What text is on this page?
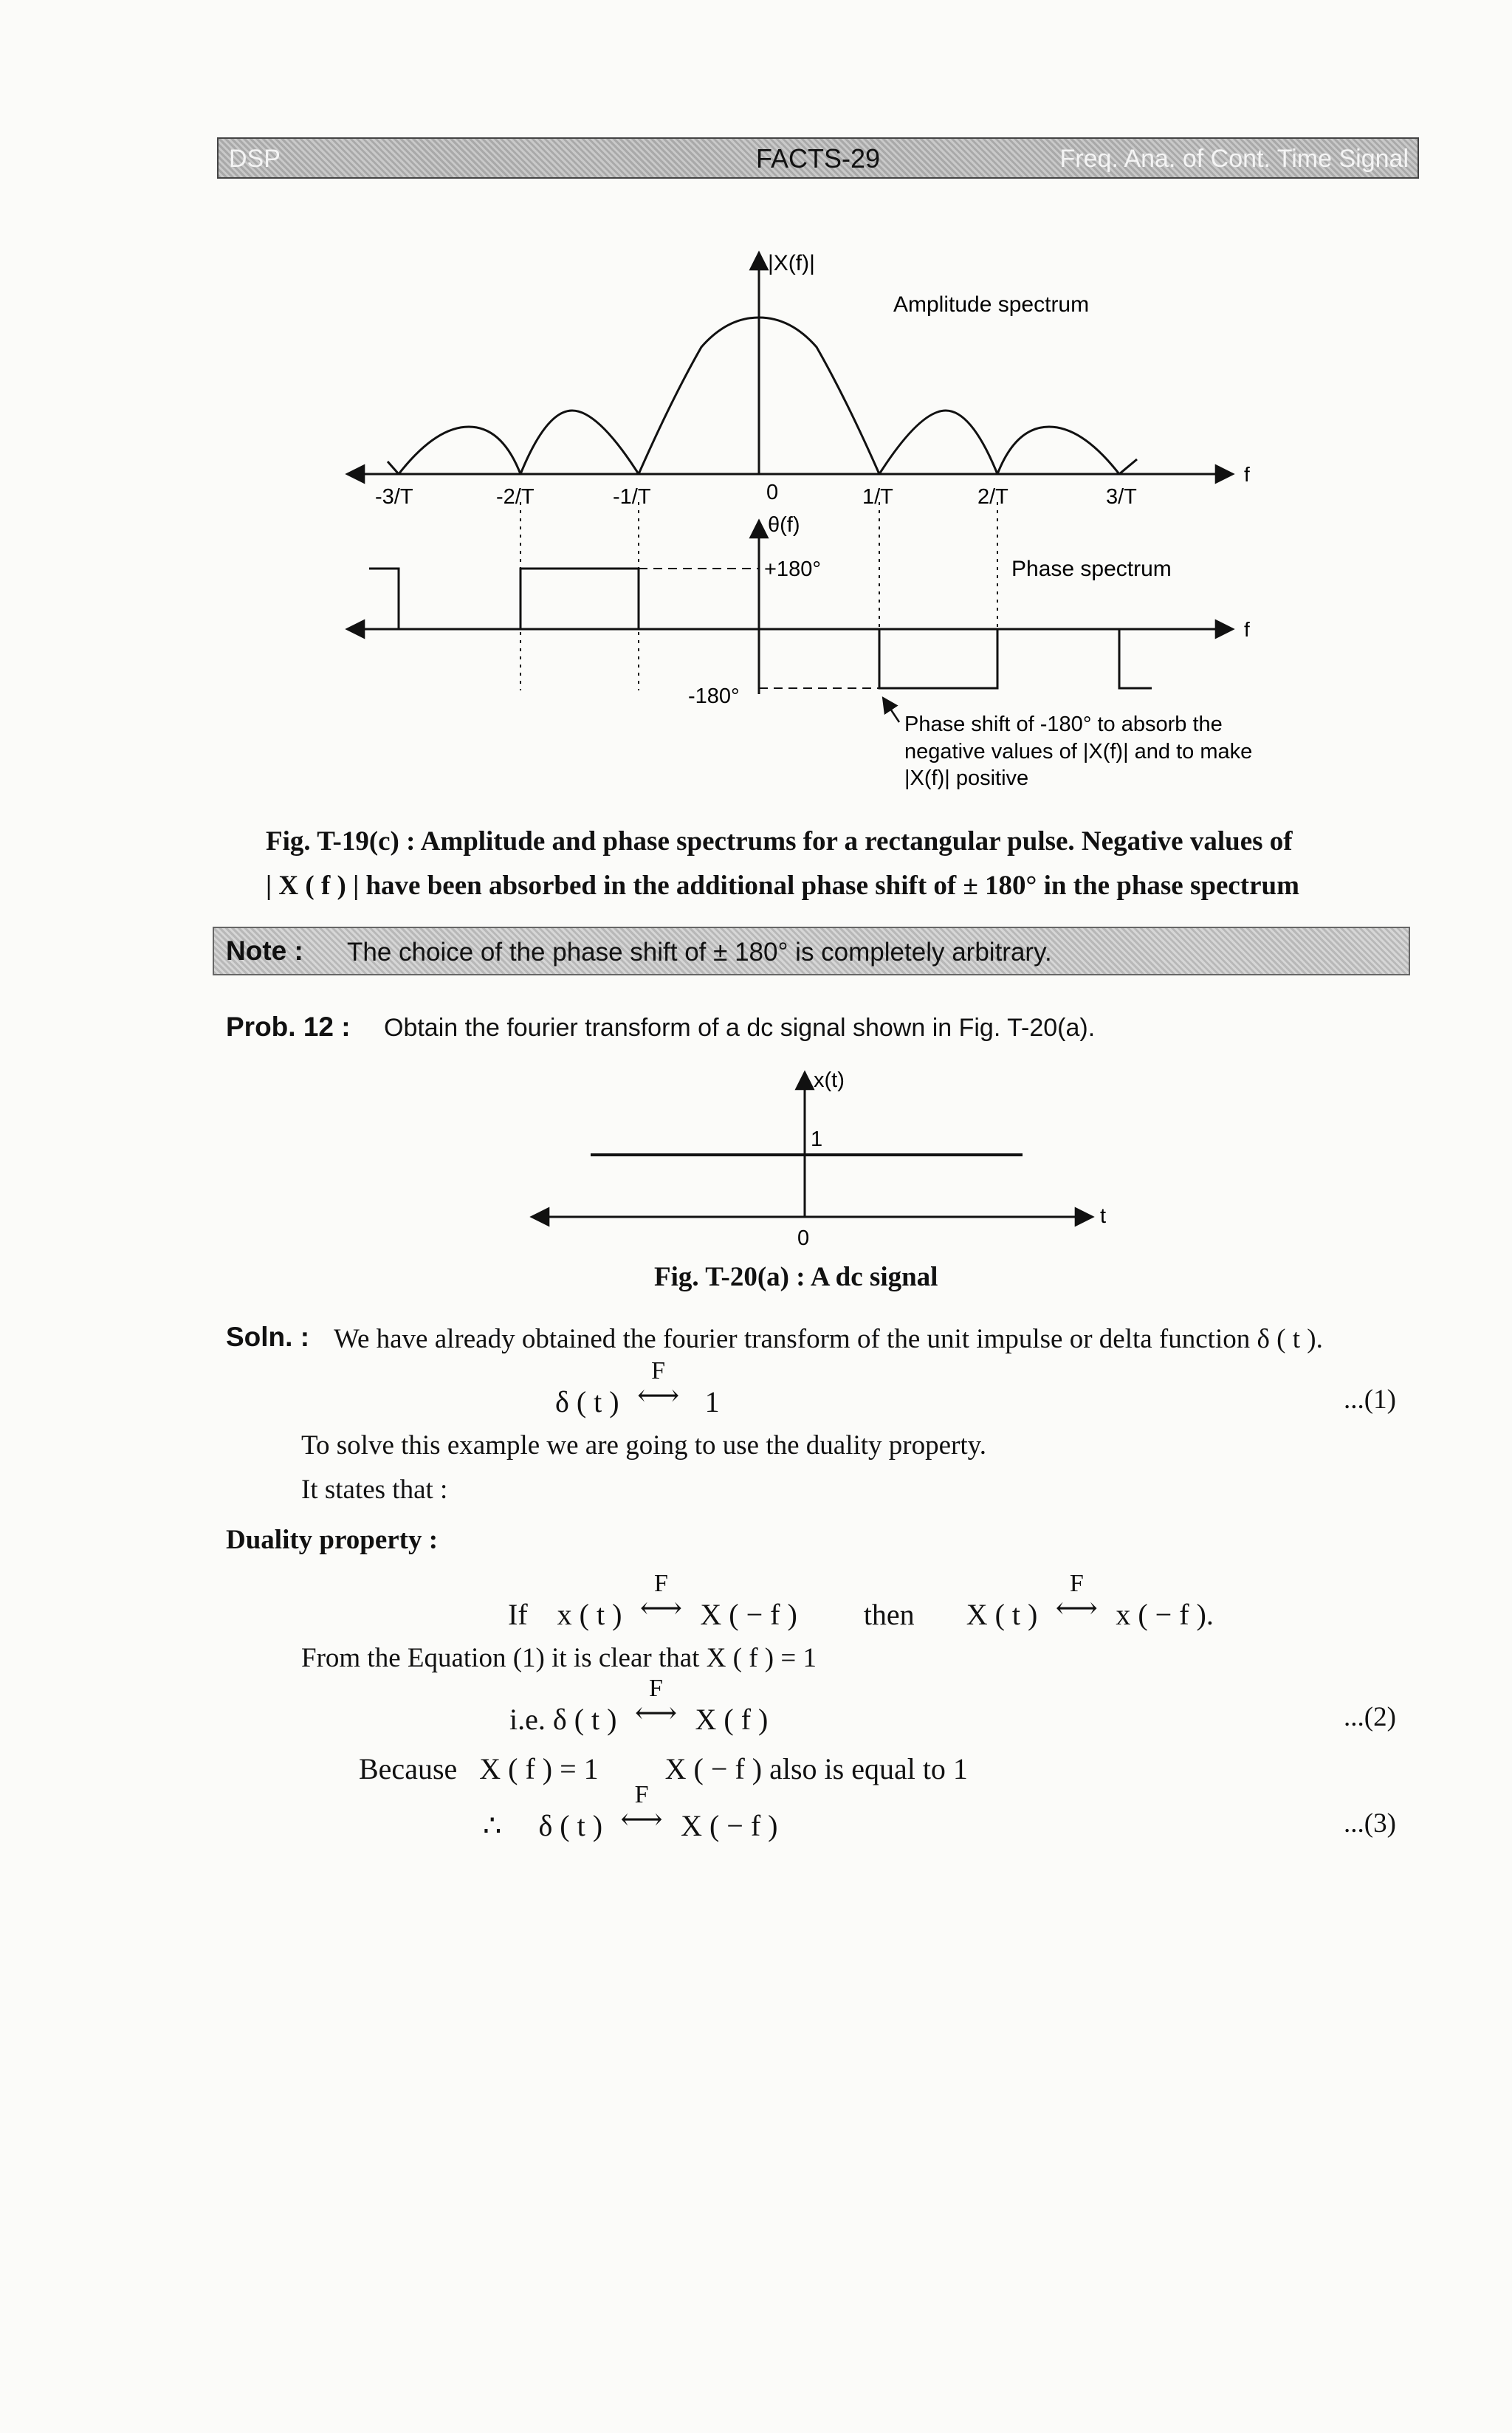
DSP	FACTS-29	Freq. Ana. of Cont. Time Signal
|X(f)|
Amplitude spectrum
f
-3/T	-2/T	-1/T	0	1/T	2/T	3/T
θ(f)
f
+180°
-180°
Phase spectrum
Phase shift of -180° to absorb the
negative values of |X(f)| and to make
|X(f)| positive
Fig. T-19(c) : Amplitude and phase spectrums for a rectangular pulse. Negative values of
| X ( f ) | have been absorbed in the additional phase shift of ± 180° in the phase spectrum
Note : The choice of the phase shift of ± 180° is completely arbitrary.
Prob. 12 : Obtain the fourier transform of a dc signal shown in Fig. T-20(a).
x(t)
1
0
t
Fig. T-20(a) : A dc signal
Soln. : We have already obtained the fourier transform of the unit impulse or delta function δ ( t ).
δ ( t )
F
⟷ 1	...(1)
To solve this example we are going to use the duality property.
It states that :
Duality property :
If x ( t )
F
⟷ X ( − f ) then X ( t )
F
⟷ x ( − f ).
From the Equation (1) it is clear that X ( f ) = 1
i.e. δ ( t )
F
⟷ X ( f )	...(2)
Because X ( f ) = 1 X ( − f ) also is equal to 1
∴ δ ( t )
F
⟷ X ( − f )	...(3)
